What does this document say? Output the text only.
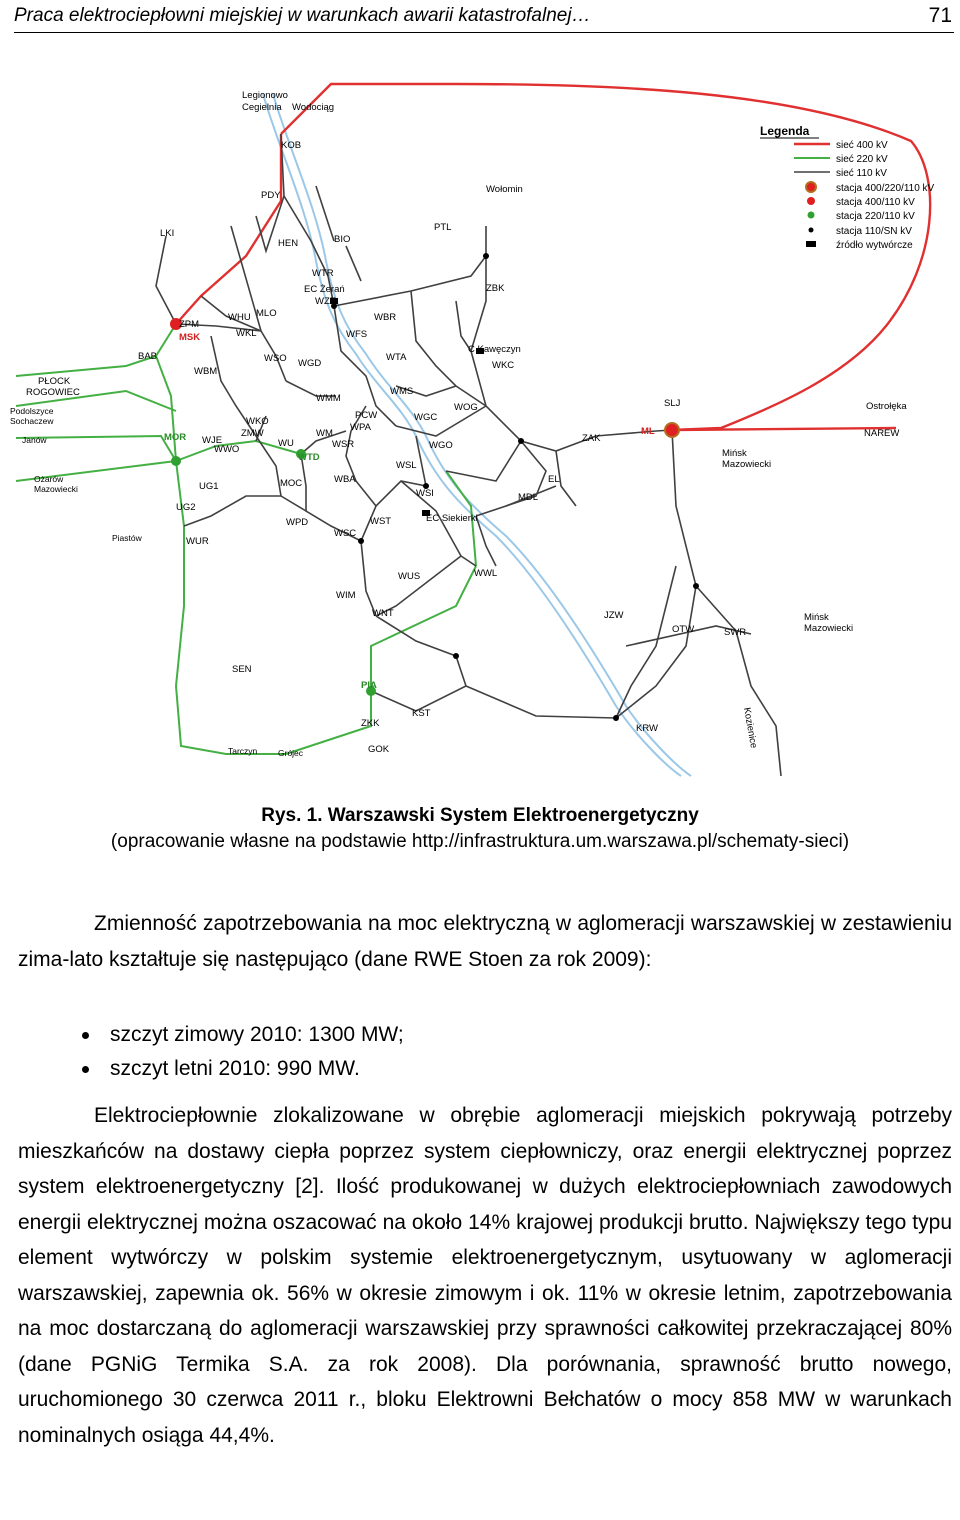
Praca elektrociepłowni miejskiej w warunkach awarii katastrofalnej…	71
Legionowo
Cegielnia Wodociąg
KOB
PDY
Wołomin
LKI
HEN	BIO
PTL
WTR
EC Żerań
WZE
ZBK
WBR
ZPM
MSK
WHU MLO
WKL	WFS
BAB
PŁOCK
ROGOWIEC
WBM
WSO WGD
WTA
C Kawęczyn
WKC
Podolszyce
Sochaczew
WMM
WMS
SLJ	Ostrołęka
Janów
WKO
PCW
WPA
WGC
WOG
MOR WJE
ZMW	WM
WSR	WGO
ZAK
ML	NAREW
WWO
WU
WTD	Mińsk
Mazowiecki
Ożarów
Mazowiecki	UG1	MOC	WBA
WSL
EL
MDL
WSI
UG2
WPD	WST	EC Siekierki
WSC
Piastów	WUR
WUS	WWL
WIM
WNT	JZW
OTW	SWR
Mińsk
Mazowiecki
SEN
PIA
ZKK
KST
KRW	Kozienice
Tarczyn Grójec	GOK
Legenda
sieć 400 kV
sieć 220 kV
sieć 110 kV
stacja 400/220/110 kV
stacja 400/110 kV
stacja 220/110 kV
stacja 110/SN kV
źródło wytwórcze
Rys. 1. Warszawski System Elektroenergetyczny
(opracowanie własne na podstawie http://infrastruktura.um.warszawa.pl/schematy-sieci)

Zmienność zapotrzebowania na moc elektryczną w aglomeracji warszawskiej w zestawieniu zima-lato kształtuje się następująco (dane RWE Stoen za rok 2009):

szczyt zimowy 2010: 1300 MW;
szczyt letni 2010: 990 MW.

Elektrociepłownie zlokalizowane w obrębie aglomeracji miejskich pokrywają potrzeby mieszkańców na dostawy ciepła poprzez system ciepłowniczy, oraz energii elektrycznej poprzez system elektroenergetyczny [2]. Ilość produkowanej w dużych elektrociepłowniach zawodowych energii elektrycznej można oszacować na około 14% krajowej produkcji brutto. Największy tego typu element wytwórczy w polskim systemie elektroenergetycznym, usytuowany w aglomeracji warszawskiej, zapewnia ok. 56% w okresie zimowym i ok. 11% w okresie letnim, zapotrzebowania na moc dostarczaną do aglomeracji warszawskiej przy sprawności całkowitej przekraczającej 80% (dane PGNiG Termika S.A. za rok 2008). Dla porównania, sprawność brutto nowego, uruchomionego 30 czerwca 2011 r., bloku Elektrowni Bełchatów o mocy 858 MW w warunkach nominalnych osiąga 44,4%.
